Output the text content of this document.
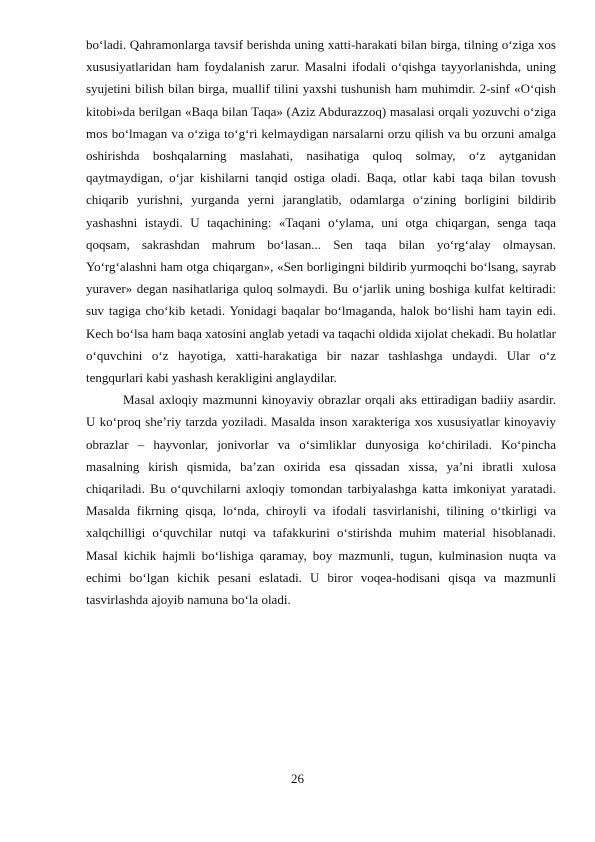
bo‘ladi. Qahramonlarga tavsif berishda uning xatti-harakati bilan birga, tilning o‘ziga xos xususiyatlaridan ham foydalanish zarur. Masalni ifodali o‘qishga tayyorlanishda, uning syujetini bilish bilan birga, muallif tilini yaxshi tushunish ham muhimdir. 2-sinf «O‘qish kitobi»da berilgan «Baqa bilan Taqa» (Aziz Abdurazzoq) masalasi orqali yozuvchi o‘ziga mos bo‘lmagan va o‘ziga to‘g‘ri kelmaydigan narsalarni orzu qilish va bu orzuni amalga oshirishda boshqalarning maslahati, nasihatiga quloq solmay, o‘z aytganidan qaytmaydigan, o‘jar kishilarni tanqid ostiga oladi. Baqa, otlar kabi taqa bilan tovush chiqarib yurishni, yurganda yerni jaranglatib, odamlarga o‘zining borligini bildirib yashashni istaydi. U taqachining: «Taqani o‘ylama, uni otga chiqargan, senga taqa qoqsam, sakrashdan mahrum bo‘lasan... Sen taqa bilan yo‘rg‘alay olmaysan. Yo‘rg‘alashni ham otga chiqargan», «Sen borligingni bildirib yurmoqchi bo‘lsang, sayrab yuraver» degan nasihatlariga quloq solmaydi. Bu o‘jarlik uning boshiga kulfat keltiradi: suv tagiga cho‘kib ketadi. Yonidagi baqalar bo‘lmaganda, halok bo‘lishi ham tayin edi. Kech bo‘lsa ham baqa xatosini anglab yetadi va taqachi oldida xijolat chekadi. Bu holatlar o‘quvchini o‘z hayotiga, xatti-harakatiga bir nazar tashlashga undaydi. Ular o‘z tengqurlari kabi yashash kerakligini anglaydilar.

Masal axloqiy mazmunni kinoyaviy obrazlar orqali aks ettiradigan badiiy asardir. U ko‘proq she’riy tarzda yoziladi. Masalda inson xarakteriga xos xususiyatlar kinoyaviy obrazlar – hayvonlar, jonivorlar va o‘simliklar dunyosiga ko‘chiriladi. Ko‘pincha masalning kirish qismida, ba’zan oxirida esa qissadan xissa, ya’ni ibratli xulosa chiqariladi. Bu o‘quvchilarni axloqiy tomondan tarbiyalashga katta imkoniyat yaratadi. Masalda fikrning qisqa, lo‘nda, chiroyli va ifodali tasvirlanishi, tilining o‘tkirligi va xalqchilligi o‘quvchilar nutqi va tafakkurini o‘stirishda muhim material hisoblanadi. Masal kichik hajmli bo‘lishiga qaramay, boy mazmunli, tugun, kulminasion nuqta va echimi bo‘lgan kichik pesani eslatadi. U biror voqea-hodisani qisqa va mazmunli tasvirlashda ajoyib namuna bo‘la oladi.

26
